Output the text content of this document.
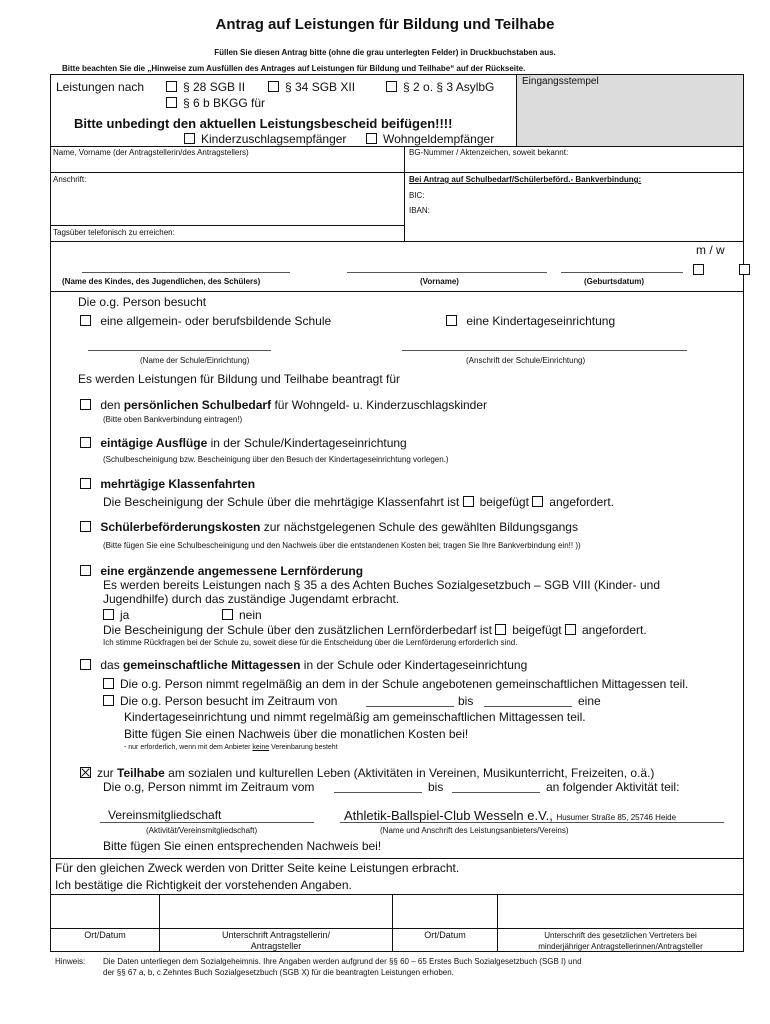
Antrag auf Leistungen für Bildung und Teilhabe
Füllen Sie diesen Antrag bitte (ohne die grau unterlegten Felder) in Druckbuchstaben aus.
Bitte beachten Sie die „Hinweise zum Ausfüllen des Antrages auf Leistungen für Bildung und Teilhabe“ auf der Rückseite.
Eingangsstempel
Leistungen nach	§ 28 SGB II	§ 34 SGB XII	§ 2 o. § 3 AsylbG
§ 6 b BKGG für
Bitte unbedingt den aktuellen Leistungsbescheid beifügen!!!!
Kinderzuschlagsempfänger	Wohngeldempfänger
Name, Vorname (der Antragstellerin/des Antragstellers)	BG-Nummer / Aktenzeichen, soweit bekannt:
Anschrift:	Bei Antrag auf Schulbedarf/Schülerbeförd.- Bankverbindung:
BIC:
IBAN:
Tagsüber telefonisch zu erreichen:
m / w

(Name des Kindes, des Jugendlichen, des Schülers)	(Vorname)	(Geburtsdatum)
Die o.g. Person besucht
eine allgemein- oder berufsbildende Schule	eine Kindertageseinrichtung
(Name der Schule/Einrichtung)	(Anschrift der Schule/Einrichtung)
Es werden Leistungen für Bildung und Teilhabe beantragt für
den persönlichen Schulbedarf für Wohngeld- u. Kinderzuschlagskinder
(Bitte oben Bankverbindung eintragen!)
eintägige Ausflüge in der Schule/Kindertageseinrichtung
(Schulbescheinigung bzw. Bescheinigung über den Besuch der Kindertageseinrichtung vorlegen.)
mehrtägige Klassenfahrten
Die Bescheinigung der Schule über die mehrtägige Klassenfahrt ist beigefügt angefordert.
Schülerbeförderungskosten zur nächstgelegenen Schule des gewählten Bildungsgangs
(Bitte fügen Sie eine Schulbescheinigung und den Nachweis über die entstandenen Kosten bei; tragen Sie Ihre Bankverbindung ein!! ))
eine ergänzende angemessene Lernförderung
Es werden bereits Leistungen nach § 35 a des Achten Buches Sozialgesetzbuch – SGB VIII (Kinder- und
Jugendhilfe) durch das zuständige Jugendamt erbracht.
ja	nein
Die Bescheinigung der Schule über den zusätzlichen Lernförderbedarf ist beigefügt angefordert.
Ich stimme Rückfragen bei der Schule zu, soweit diese für die Entscheidung über die Lernförderung erforderlich sind.
das gemeinschaftliche Mittagessen in der Schule oder Kindertageseinrichtung
Die o.g. Person nimmt regelmäßig an dem in der Schule angebotenen gemeinschaftlichen Mittagessen teil.
Die o.g. Person besucht im Zeitraum von	bis	eine
Kindertageseinrichtung und nimmt regelmäßig am gemeinschaftlichen Mittagessen teil.
Bitte fügen Sie einen Nachweis über die monatlichen Kosten bei!
- nur erforderlich, wenn mit dem Anbieter keine Vereinbarung besteht
zur Teilhabe am sozialen und kulturellen Leben (Aktivitäten in Vereinen, Musikunterricht, Freizeiten, o.ä.)
Die o.g, Person nimmt im Zeitraum vom	bis	an folgender Aktivität teil:
Vereinsmitgliedschaft	Athletik-Ballspiel-Club Wesseln e.V., Husumer Straße 85, 25746 Heide
(Aktivität/Vereinsmitgliedschaft)	(Name und Anschrift des Leistungsanbieters/Vereins)
Bitte fügen Sie einen entsprechenden Nachweis bei!
Für den gleichen Zweck werden von Dritter Seite keine Leistungen erbracht.
Ich bestätige die Richtigkeit der vorstehenden Angaben.
Ort/Datum	Unterschrift Antragstellerin/
Antragsteller
Ort/Datum	Unterschrift des gesetzlichen Vertreters bei
minderjähriger Antragstellerinnen/Antragsteller
Hinweis: Die Daten unterliegen dem Sozialgeheimnis. Ihre Angaben werden aufgrund der §§ 60 – 65 Erstes Buch Sozialgesetzbuch (SGB I) und
der §§ 67 a, b, c Zehntes Buch Sozialgesetzbuch (SGB X) für die beantragten Leistungen erhoben.
